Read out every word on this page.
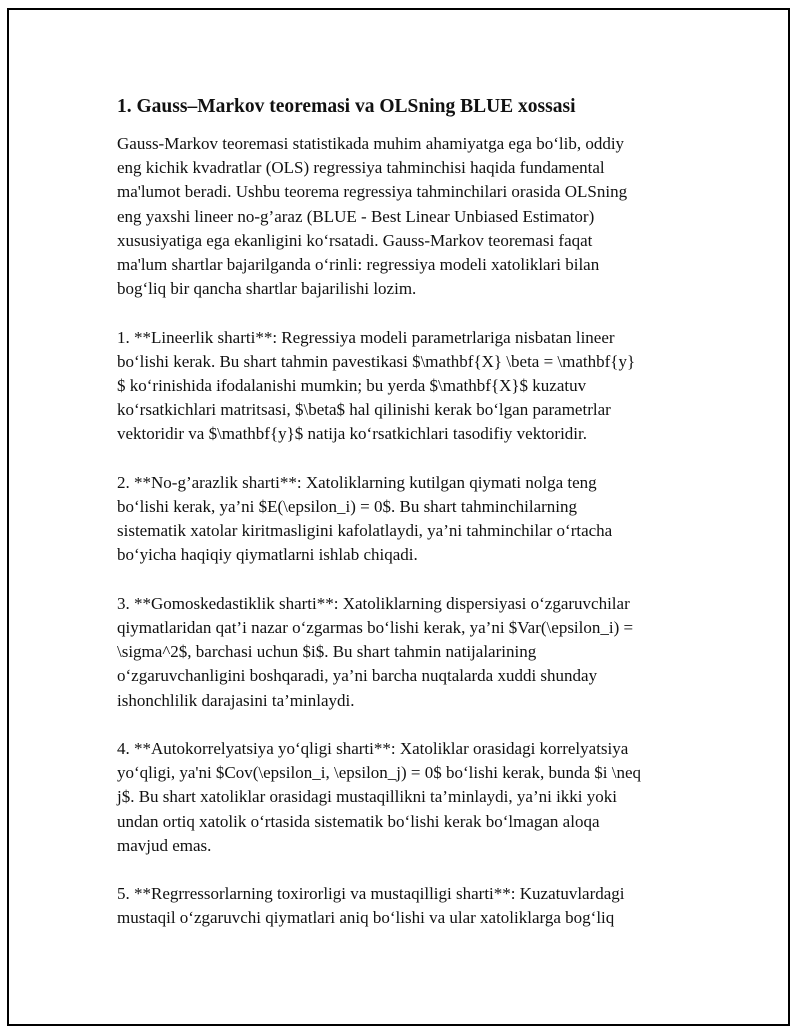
1. Gauss–Markov teoremasi va OLSning BLUE xossasi
Gauss-Markov teoremasi statistikada muhim ahamiyatga ega bo‘lib, oddiy
eng kichik kvadratlar (OLS) regressiya tahminchisi haqida fundamental
ma'lumot beradi. Ushbu teorema regressiya tahminchilari orasida OLSning
eng yaxshi lineer no-g’araz (BLUE - Best Linear Unbiased Estimator)
xususiyatiga ega ekanligini ko‘rsatadi. Gauss-Markov teoremasi faqat
ma'lum shartlar bajarilganda o‘rinli: regressiya modeli xatoliklari bilan
bog‘liq bir qancha shartlar bajarilishi lozim.
1. **Lineerlik sharti**: Regressiya modeli parametrlariga nisbatan lineer
bo‘lishi kerak. Bu shart tahmin pavestikasi $\mathbf{X} \beta = \mathbf{y}
$ ko‘rinishida ifodalanishi mumkin; bu yerda $\mathbf{X}$ kuzatuv
ko‘rsatkichlari matritsasi, $\beta$ hal qilinishi kerak bo‘lgan parametrlar
vektoridir va $\mathbf{y}$ natija ko‘rsatkichlari tasodifiy vektoridir.
2. **No-g’arazlik sharti**: Xatoliklarning kutilgan qiymati nolga teng
bo‘lishi kerak, ya’ni $E(\epsilon_i) = 0$. Bu shart tahminchilarning
sistematik xatolar kiritmasligini kafolatlaydi, ya’ni tahminchilar o‘rtacha
bo‘yicha haqiqiy qiymatlarni ishlab chiqadi.
3. **Gomoskedastiklik sharti**: Xatoliklarning dispersiyasi o‘zgaruvchilar
qiymatlaridan qat’i nazar o‘zgarmas bo‘lishi kerak, ya’ni $Var(\epsilon_i) =
\sigma^2$, barchasi uchun $i$. Bu shart tahmin natijalarining
o‘zgaruvchanligini boshqaradi, ya’ni barcha nuqtalarda xuddi shunday
ishonchlilik darajasini ta’minlaydi.
4. **Autokorrelyatsiya yo‘qligi sharti**: Xatoliklar orasidagi korrelyatsiya
yo‘qligi, ya'ni $Cov(\epsilon_i, \epsilon_j) = 0$ bo‘lishi kerak, bunda $i \neq
j$. Bu shart xatoliklar orasidagi mustaqillikni ta’minlaydi, ya’ni ikki yoki
undan ortiq xatolik o‘rtasida sistematik bo‘lishi kerak bo‘lmagan aloqa
mavjud emas.
5. **Regrressorlarning toxirorligi va mustaqilligi sharti**: Kuzatuvlardagi
mustaqil o‘zgaruvchi qiymatlari aniq bo‘lishi va ular xatoliklarga bog‘liq
